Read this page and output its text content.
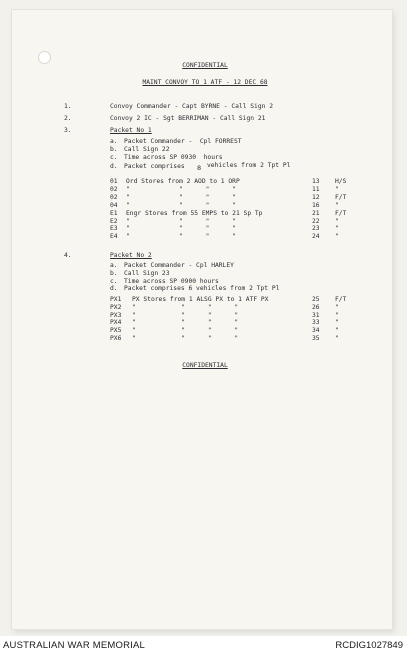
CONFIDENTIAL
MAINT CONVOY TO 1 ATF - 12 DEC 68
1.	Convoy Commander - Capt BYRNE - Call Sign 2
2.	Convoy 2 IC - Sgt BERRIMAN - Call Sign 21
3.	Packet No 1
a. Packet Commander -  Cpl FORREST
b. Call Sign 22
c. Time across SP 0930  hours
d. Packet comprises 8 vehicles from 2 Tpt Pl
01 Ord Stores from 2 AOD to 1 ORP	13 H/S
02 "             "      "      "	11 "
02 "             "      "      "	12 F/T
04 "             "      "      "	16 "
E1 Engr Stores from 55 EMPS to 21 Sp Tp	21 F/T
E2 "             "      "      "	22 "
E3 "             "      "      "	23 "
E4 "             "      "      "	24 "
4.	Packet No 2
a. Packet Commander - Cpl HARLEY
b. Call Sign 23
c. Time across SP 0900 hours
d. Packet comprises 6 vehicles from 2 Tpt Pl
PX1 PX Stores from 1 ALSG PX to 1 ATF PX	25 F/T
PX2 "            "      "      "	26 "
PX3 "            "      "      "	31 "
PX4 "            "      "      "	33 "
PX5 "            "      "      "	34 "
PX6 "            "      "      "	35 "
CONFIDENTIAL
AUSTRALIAN WAR MEMORIAL	RCDIG1027849
